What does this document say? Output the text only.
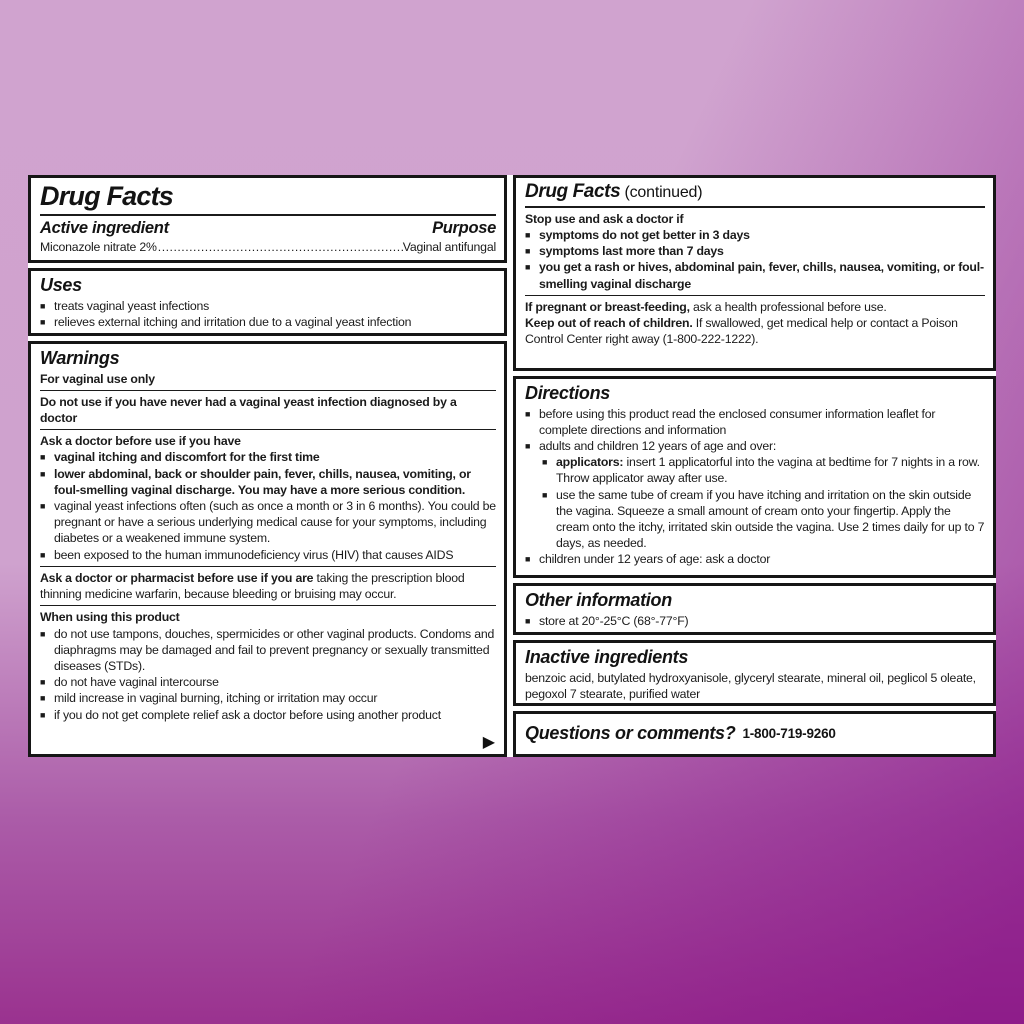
Drug Facts
Active ingredient	Purpose
Miconazole nitrate 2% .....	Vaginal antifungal
Uses
■ treats vaginal yeast infections
■ relieves external itching and irritation due to a vaginal yeast infection
Warnings
For vaginal use only
Do not use if you have never had a vaginal yeast infection diagnosed by a doctor
Ask a doctor before use if you have
■ vaginal itching and discomfort for the first time
■ lower abdominal, back or shoulder pain, fever, chills, nausea, vomiting, or foul-smelling vaginal discharge. You may have a more serious condition.
■ vaginal yeast infections often (such as once a month or 3 in 6 months). You could be pregnant or have a serious underlying medical cause for your symptoms, including diabetes or a weakened immune system.
■ been exposed to the human immunodeficiency virus (HIV) that causes AIDS
Ask a doctor or pharmacist before use if you are taking the prescription blood thinning medicine warfarin, because bleeding or bruising may occur.
When using this product
■ do not use tampons, douches, spermicides or other vaginal products. Condoms and diaphragms may be damaged and fail to prevent pregnancy or sexually transmitted diseases (STDs).
■ do not have vaginal intercourse
■ mild increase in vaginal burning, itching or irritation may occur
■ if you do not get complete relief ask a doctor before using another product
▶
Drug Facts (continued)
Stop use and ask a doctor if
■ symptoms do not get better in 3 days
■ symptoms last more than 7 days
■ you get a rash or hives, abdominal pain, fever, chills, nausea, vomiting, or foul-smelling vaginal discharge
If pregnant or breast-feeding, ask a health professional before use.
Keep out of reach of children. If swallowed, get medical help or contact a Poison Control Center right away (1-800-222-1222).
Directions
■ before using this product read the enclosed consumer information leaflet for complete directions and information
■ adults and children 12 years of age and over:
■ applicators: insert 1 applicatorful into the vagina at bedtime for 7 nights in a row. Throw applicator away after use.
■ use the same tube of cream if you have itching and irritation on the skin outside the vagina. Squeeze a small amount of cream onto your fingertip. Apply the cream onto the itchy, irritated skin outside the vagina. Use 2 times daily for up to 7 days, as needed.
■ children under 12 years of age: ask a doctor
Other information
■ store at 20°-25°C (68°-77°F)
Inactive ingredients
benzoic acid, butylated hydroxyanisole, glyceryl stearate, mineral oil, peglicol 5 oleate, pegoxol 7 stearate, purified water
Questions or comments? 1-800-719-9260
